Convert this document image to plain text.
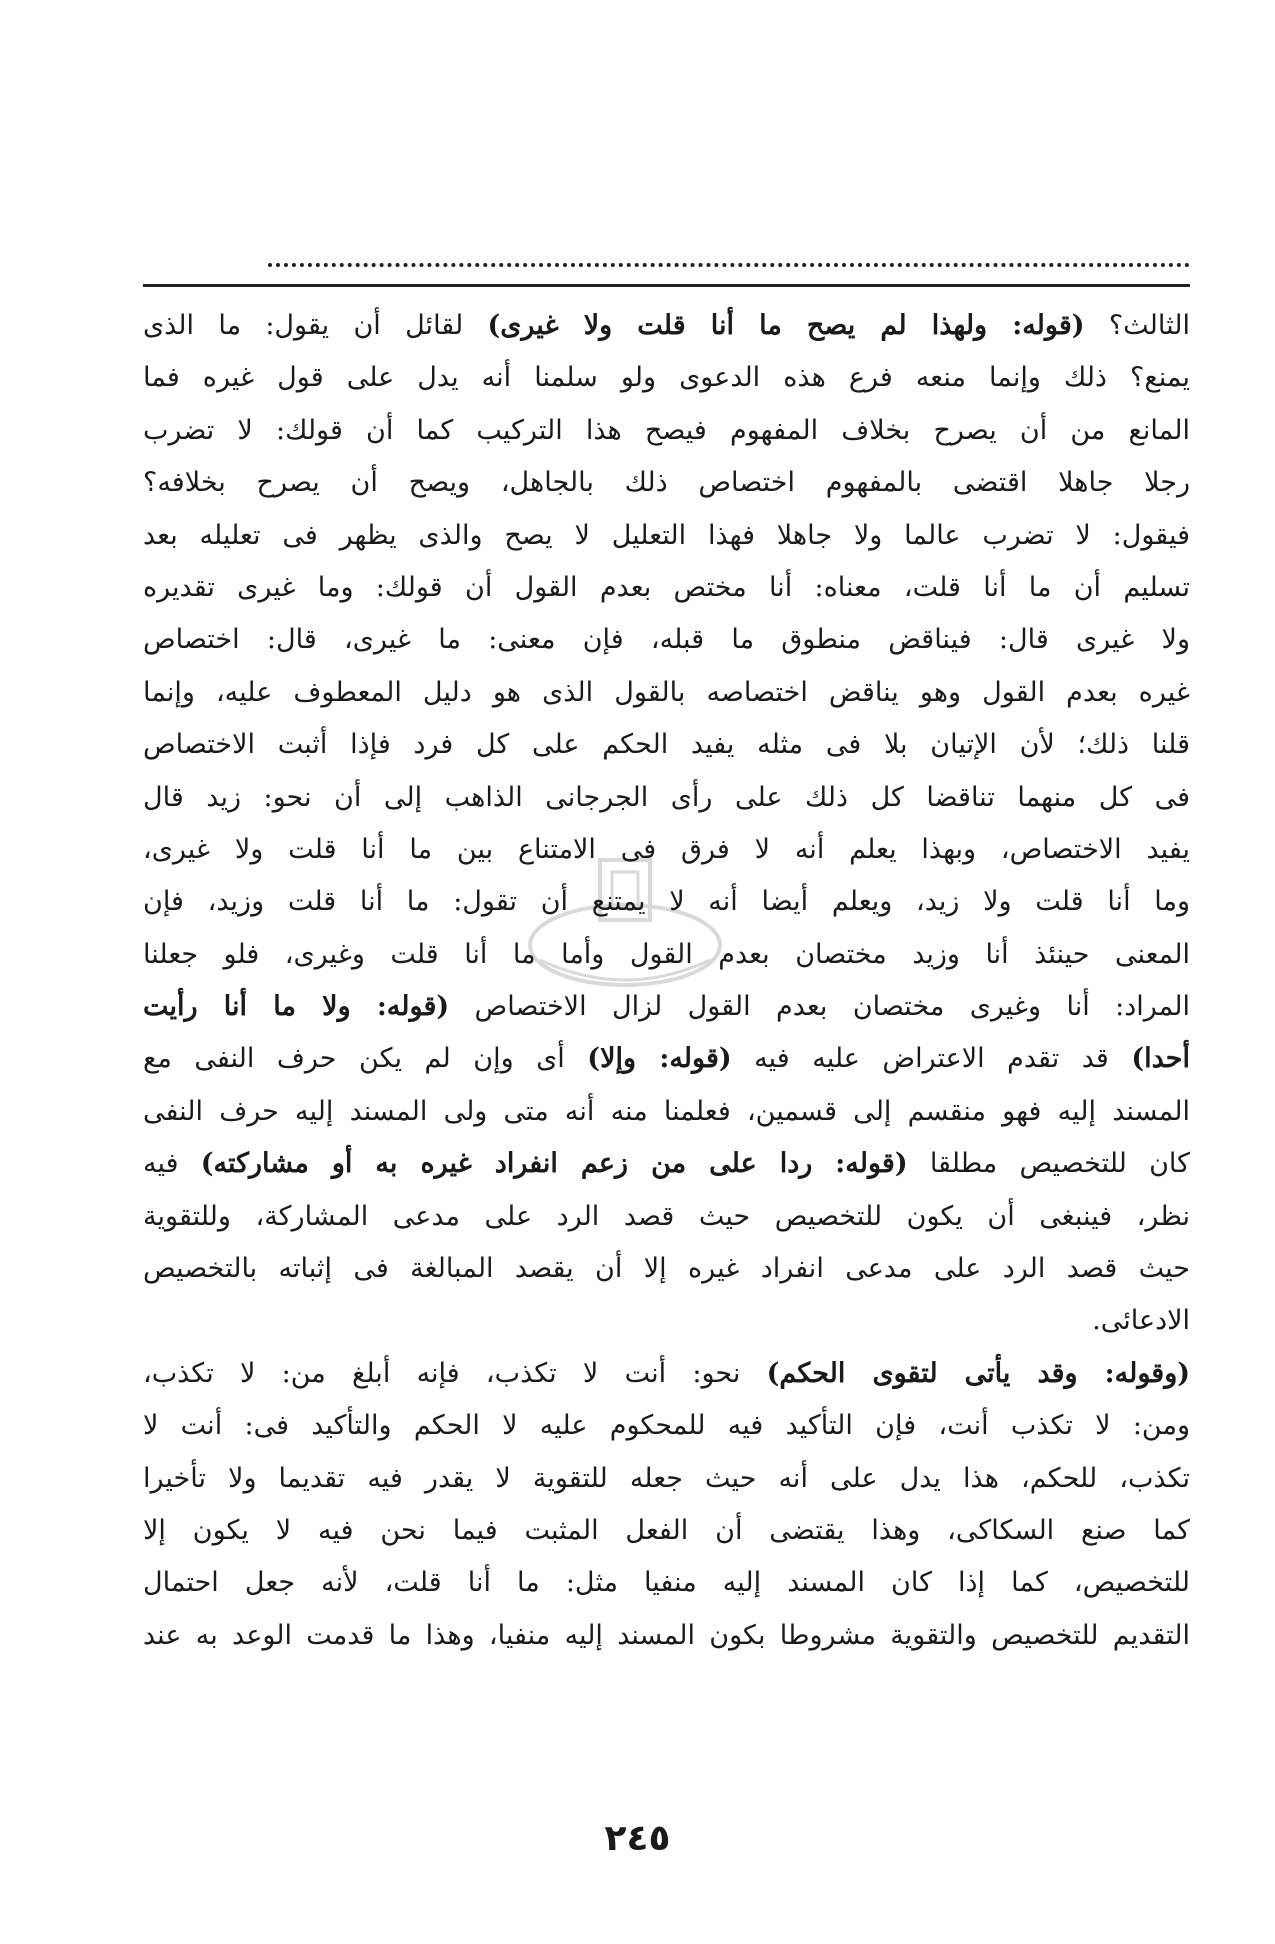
الثالث؟ (قوله: ولهذا لم يصح ما أنا قلت ولا غيرى) لقائل أن يقول: ما الذى
يمنع؟ ذلك وإنما منعه فرع هذه الدعوى ولو سلمنا أنه يدل على قول غيره فما
المانع من أن يصرح بخلاف المفهوم فيصح هذا التركيب كما أن قولك: لا تضرب
رجلا جاهلا اقتضى بالمفهوم اختصاص ذلك بالجاهل، ويصح أن يصرح بخلافه؟
فيقول: لا تضرب عالما ولا جاهلا فهذا التعليل لا يصح والذى يظهر فى تعليله بعد
تسليم أن ما أنا قلت، معناه: أنا مختص بعدم القول أن قولك: وما غيرى تقديره
ولا غيرى قال: فيناقض منطوق ما قبله، فإن معنى: ما غيرى، قال: اختصاص
غيره بعدم القول وهو يناقض اختصاصه بالقول الذى هو دليل المعطوف عليه، وإنما
قلنا ذلك؛ لأن الإتيان بلا فى مثله يفيد الحكم على كل فرد فإذا أثبت الاختصاص
فى كل منهما تناقضا كل ذلك على رأى الجرجانى الذاهب إلى أن نحو: زيد قال
يفيد الاختصاص، وبهذا يعلم أنه لا فرق فى الامتناع بين ما أنا قلت ولا غيرى،
وما أنا قلت ولا زيد، ويعلم أيضا أنه لا يمتنع أن تقول: ما أنا قلت وزيد، فإن
المعنى حينئذ أنا وزيد مختصان بعدم القول وأما ما أنا قلت وغيرى، فلو جعلنا
المراد: أنا وغيرى مختصان بعدم القول لزال الاختصاص (قوله: ولا ما أنا رأيت
أحدا) قد تقدم الاعتراض عليه فيه (قوله: وإلا) أى وإن لم يكن حرف النفى مع
المسند إليه فهو منقسم إلى قسمين، فعلمنا منه أنه متى ولى المسند إليه حرف النفى
كان للتخصيص مطلقا (قوله: ردا على من زعم انفراد غيره به أو مشاركته) فيه
نظر، فينبغى أن يكون للتخصيص حيث قصد الرد على مدعى المشاركة، وللتقوية
حيث قصد الرد على مدعى انفراد غيره إلا أن يقصد المبالغة فى إثباته بالتخصيص
الادعائى.
(وقوله: وقد يأتى لتقوى الحكم) نحو: أنت لا تكذب، فإنه أبلغ من: لا تكذب،
ومن: لا تكذب أنت، فإن التأكيد فيه للمحكوم عليه لا الحكم والتأكيد فى: أنت لا
تكذب، للحكم، هذا يدل على أنه حيث جعله للتقوية لا يقدر فيه تقديما ولا تأخيرا
كما صنع السكاكى، وهذا يقتضى أن الفعل المثبت فيما نحن فيه لا يكون إلا
للتخصيص، كما إذا كان المسند إليه منفيا مثل: ما أنا قلت، لأنه جعل احتمال
التقديم للتخصيص والتقوية مشروطا بكون المسند إليه منفيا، وهذا ما قدمت الوعد به عند
٢٤٥
